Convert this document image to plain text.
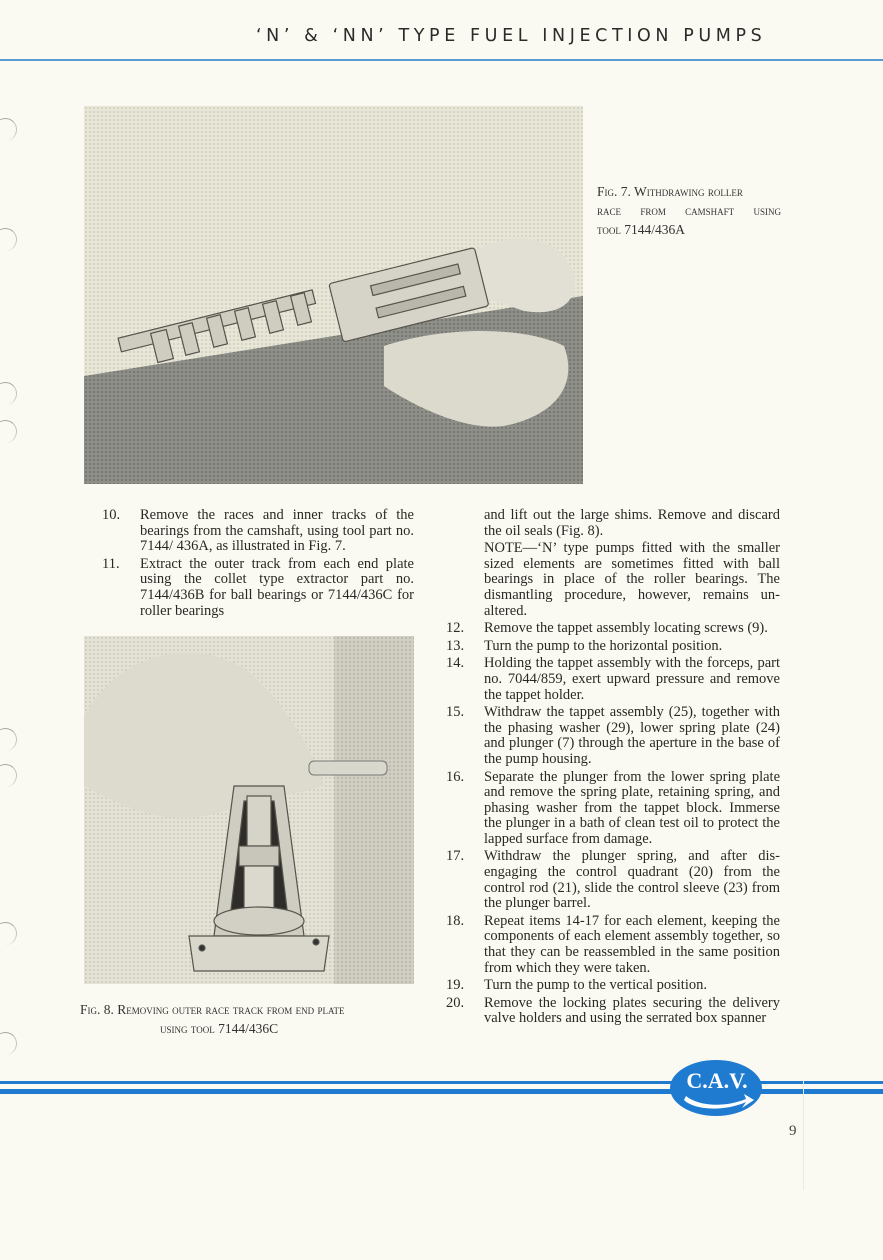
‘N’ & ‘NN’ TYPE FUEL INJECTION PUMPS
Fig. 7. Withdrawing roller
race from camshaft using
tool 7144/436A
10. Remove the races and inner tracks of the bearings from the camshaft, using tool part no. 7144/ 436A, as illustrated in Fig. 7.
11. Extract the outer track from each end plate using the collet type extractor part no. 7144/436B for ball bearings or 7144/436C for roller bearings
Fig. 8. Removing outer race track from end plate
using tool 7144/436C
and lift out the large shims. Remove and discard the oil seals (Fig. 8).
NOTE—‘N’ type pumps fitted with the smaller sized elements are sometimes fitted with ball bearings in place of the roller bearings. The dismantling procedure, however, remains un-altered.
12. Remove the tappet assembly locating screws (9).
13. Turn the pump to the horizontal position.
14. Holding the tappet assembly with the forceps, part no. 7044/859, exert upward pressure and remove the tappet holder.
15. Withdraw the tappet assembly (25), together with the phasing washer (29), lower spring plate (24) and plunger (7) through the aperture in the base of the pump housing.
16. Separate the plunger from the lower spring plate and remove the spring plate, retaining spring, and phasing washer from the tappet block. Immerse the plunger in a bath of clean test oil to protect the lapped surface from damage.
17. Withdraw the plunger spring, and after dis-engaging the control quadrant (20) from the control rod (21), slide the control sleeve (23) from the plunger barrel.
18. Repeat items 14-17 for each element, keeping the components of each element assembly together, so that they can be reassembled in the same position from which they were taken.
19. Turn the pump to the vertical position.
20. Remove the locking plates securing the delivery valve holders and using the serrated box spanner
C.A.V.
9
